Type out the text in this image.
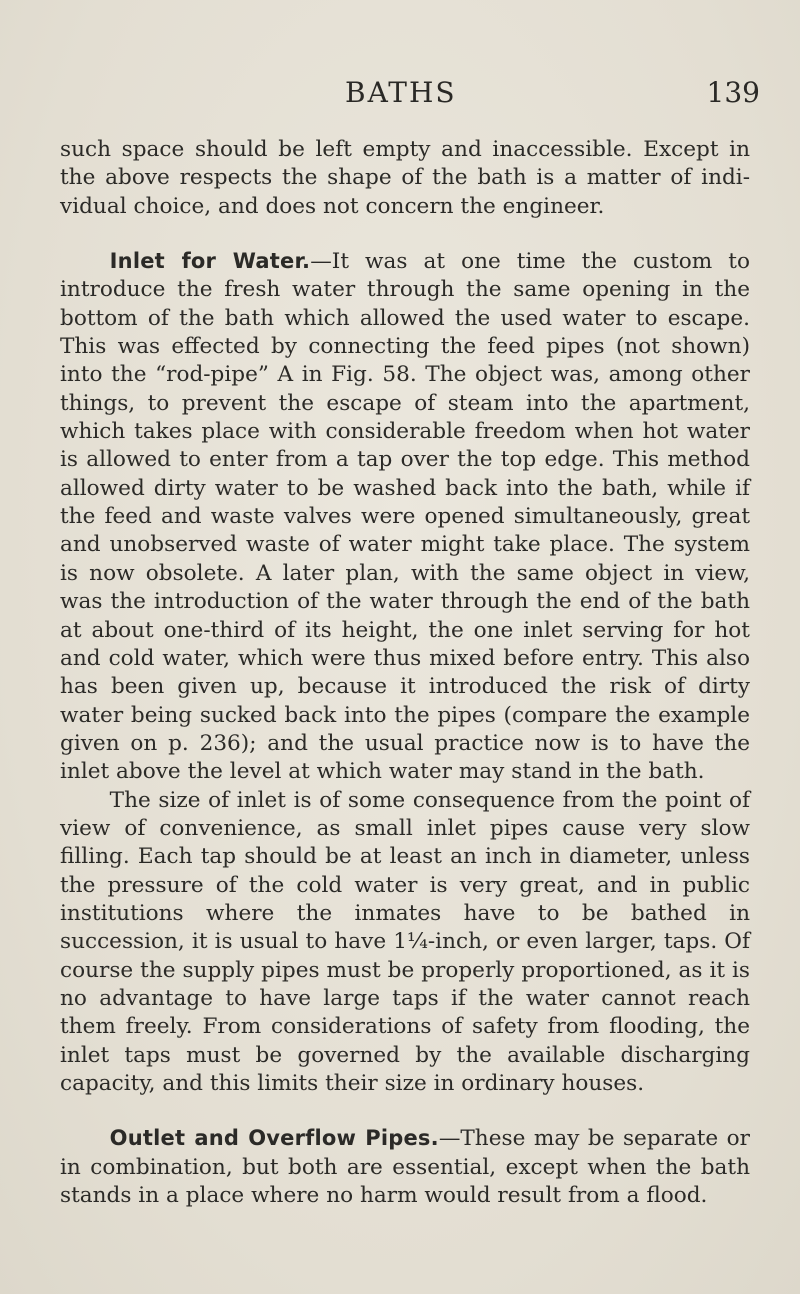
BATHS	139

such space should be left empty and inaccessible. Except in the above respects the shape of the bath is a matter of indi-vidual choice, and does not concern the engineer.

Inlet for Water.—It was at one time the custom to introduce the fresh water through the same opening in the bottom of the bath which allowed the used water to escape. This was effected by connecting the feed pipes (not shown) into the “rod-pipe” A in Fig. 58. The object was, among other things, to prevent the escape of steam into the apartment, which takes place with considerable freedom when hot water is allowed to enter from a tap over the top edge. This method allowed dirty water to be washed back into the bath, while if the feed and waste valves were opened simultaneously, great and unobserved waste of water might take place. The system is now obsolete. A later plan, with the same object in view, was the introduction of the water through the end of the bath at about one-third of its height, the one inlet serving for hot and cold water, which were thus mixed before entry. This also has been given up, because it introduced the risk of dirty water being sucked back into the pipes (compare the example given on p. 236); and the usual practice now is to have the inlet above the level at which water may stand in the bath.

The size of inlet is of some consequence from the point of view of convenience, as small inlet pipes cause very slow filling. Each tap should be at least an inch in diameter, unless the pressure of the cold water is very great, and in public institutions where the inmates have to be bathed in succession, it is usual to have 1¼-inch, or even larger, taps. Of course the supply pipes must be properly proportioned, as it is no advantage to have large taps if the water cannot reach them freely. From considerations of safety from flooding, the inlet taps must be governed by the available discharging capacity, and this limits their size in ordinary houses.

Outlet and Overflow Pipes.—These may be separate or in combination, but both are essential, except when the bath stands in a place where no harm would result from a flood.
